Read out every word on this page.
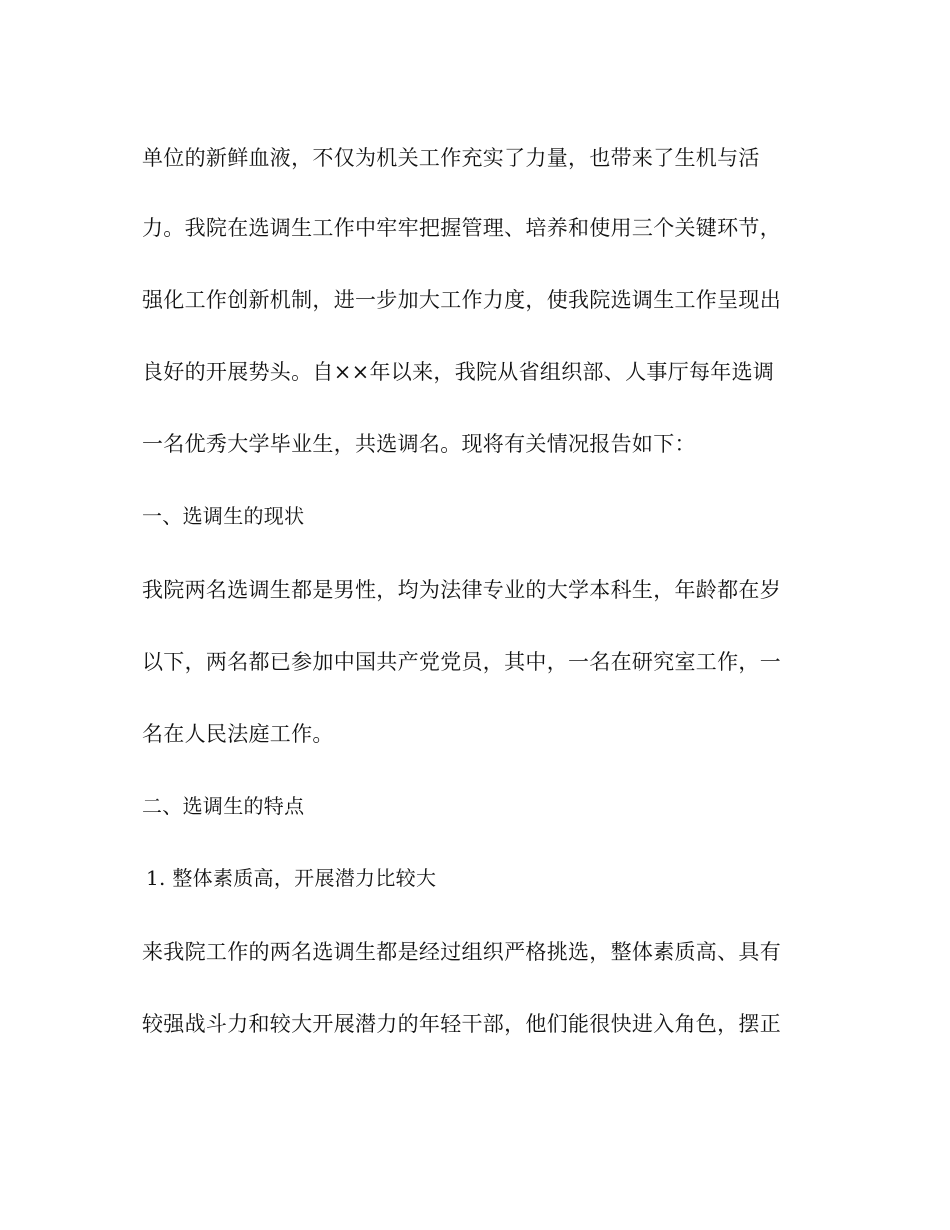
单位的新鲜血液，不仅为机关工作充实了力量，也带来了生机与活
力。我院在选调生工作中牢牢把握管理、培养和使用三个关键环节，
强化工作创新机制，进一步加大工作力度，使我院选调生工作呈现出
良好的开展势头。自××年以来，我院从省组织部、人事厅每年选调
一名优秀大学毕业生，共选调名。现将有关情况报告如下：
一、选调生的现状
我院两名选调生都是男性，均为法律专业的大学本科生，年龄都在岁
以下，两名都已参加中国共产党党员，其中，一名在研究室工作，一
名在人民法庭工作。
二、选调生的特点
1. 整体素质高，开展潜力比较大
来我院工作的两名选调生都是经过组织严格挑选，整体素质高、具有
较强战斗力和较大开展潜力的年轻干部，他们能很快进入角色，摆正
